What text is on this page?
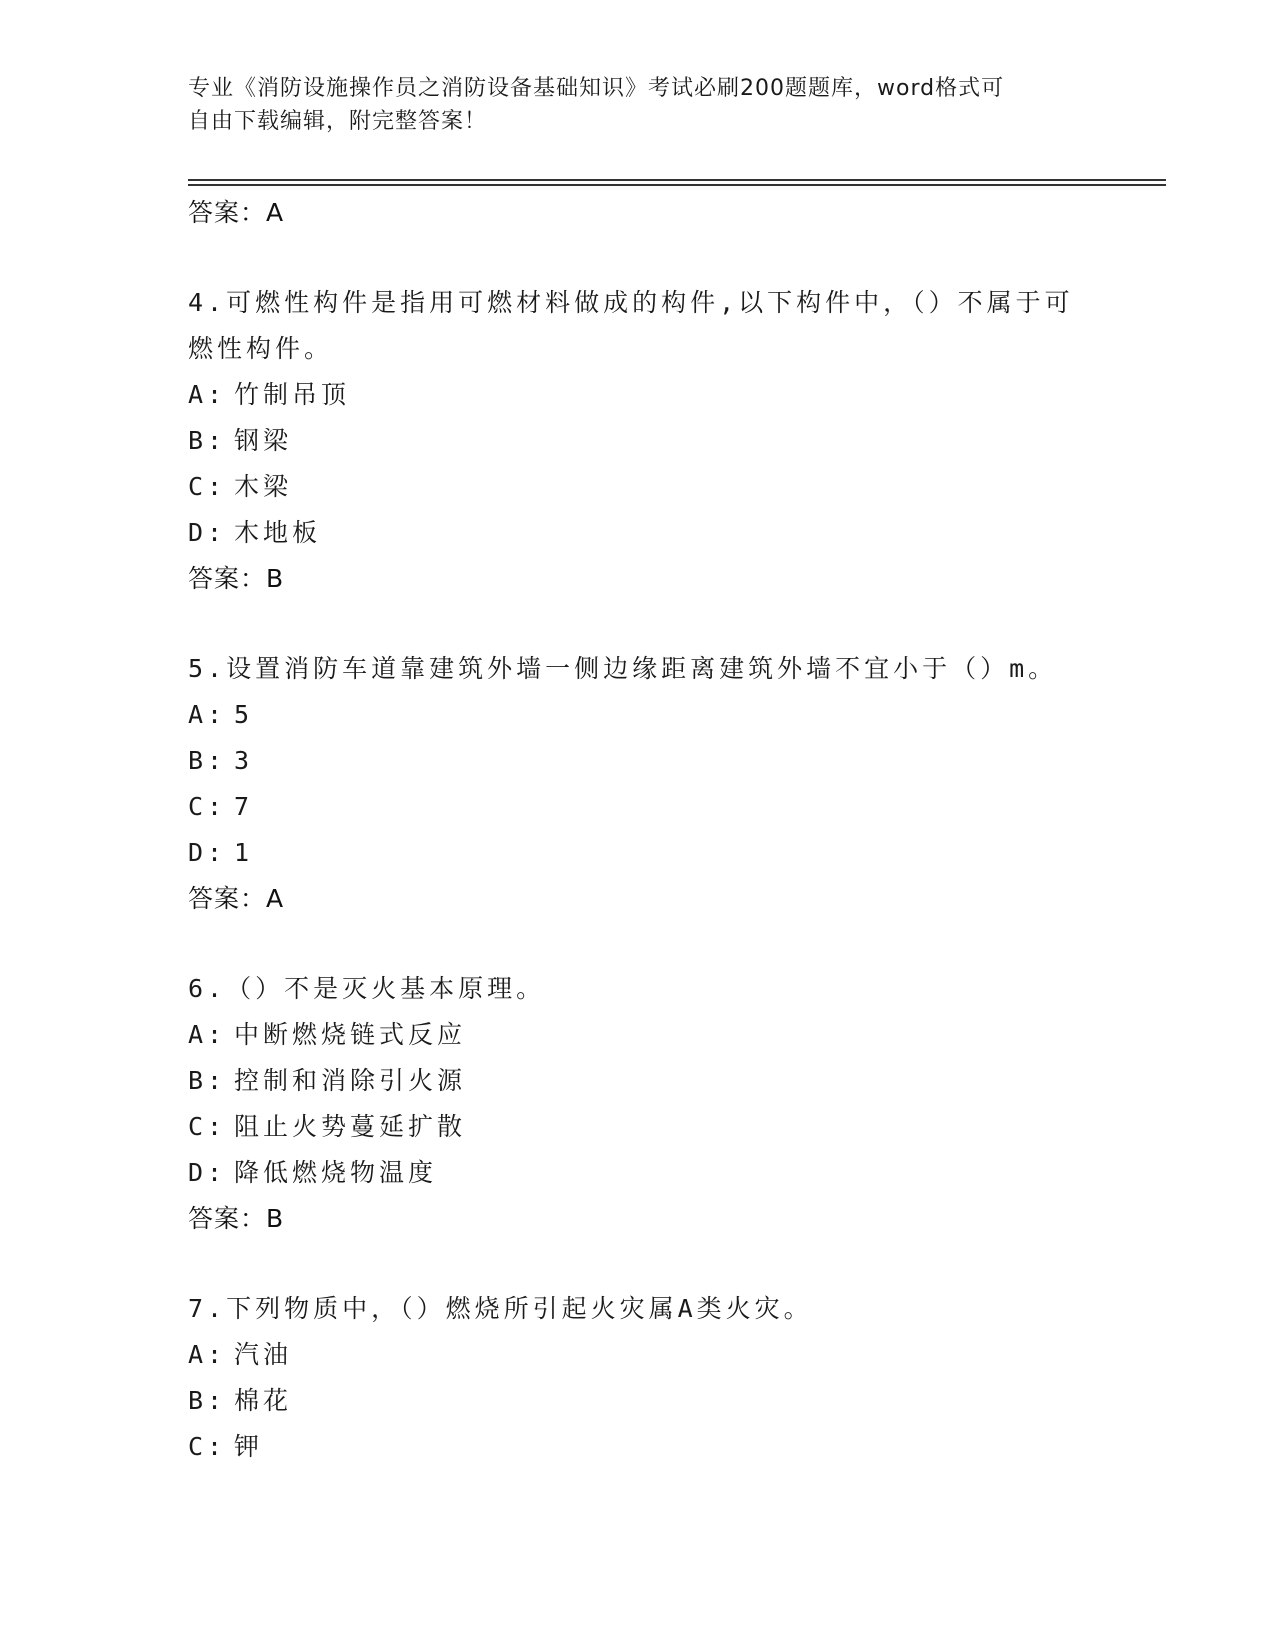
专业《消防设施操作员之消防设备基础知识》考试必刷200题题库，word格式可
自由下载编辑，附完整答案！
答案：A
4.可燃性构件是指用可燃材料做成的构件,以下构件中，（）不属于可
燃性构件。
A: 竹制吊顶
B: 钢梁
C: 木梁
D: 木地板
答案：B
5.设置消防车道靠建筑外墙一侧边缘距离建筑外墙不宜小于（）m。
A: 5
B: 3
C: 7
D: 1
答案：A
6.（）不是灭火基本原理。
A: 中断燃烧链式反应
B: 控制和消除引火源
C: 阻止火势蔓延扩散
D: 降低燃烧物温度
答案：B
7.下列物质中，（）燃烧所引起火灾属A类火灾。
A: 汽油
B: 棉花
C: 钾
